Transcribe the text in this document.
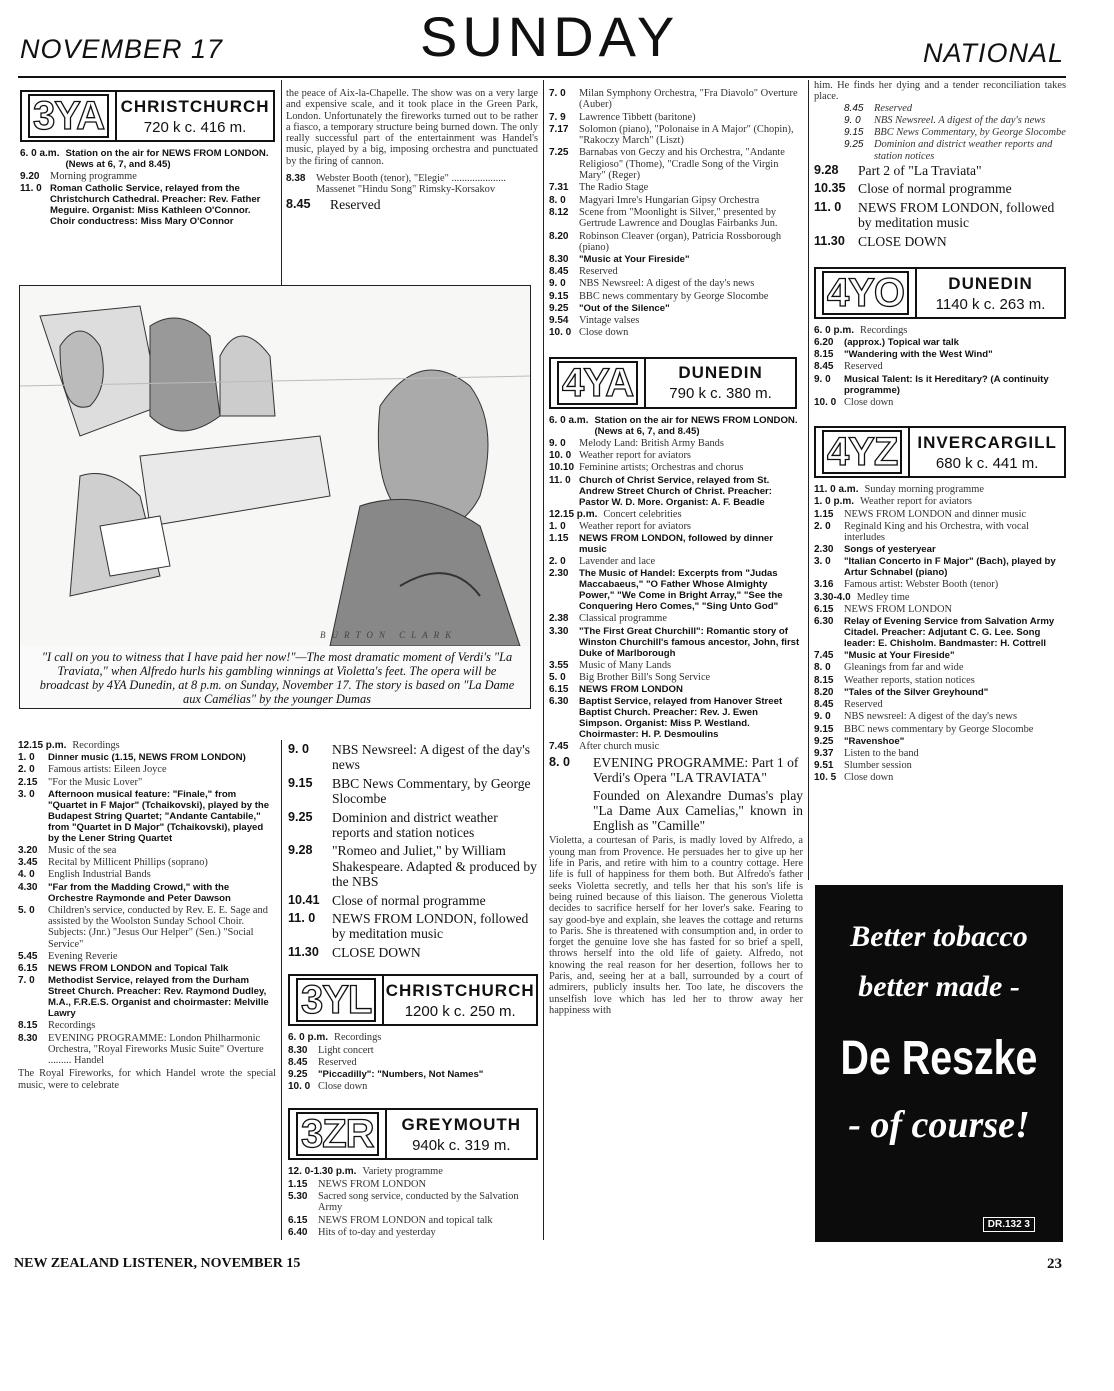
NOVEMBER 17	SUNDAY	NATIONAL
3YA CHRISTCHURCH
720 k c. 416 m.
6. 0 a.m. Station on the air for NEWS FROM LONDON. (News at 6, 7, and 8.45)
9.20	Morning programme
11. 0 Roman Catholic Service, relayed from the Christchurch Cathedral. Preacher: Rev. Father Meguire. Organist: Miss Kathleen O'Connor. Choir conductress: Miss Mary O'Connor

the peace of Aix-la-Chapelle. The show was on a very large and expensive scale, and it took place in the Green Park, London. Unfortunately the fireworks turned out to be rather a fiasco, a temporary structure being burned down. The only really successful part of the entertainment was Handel's music, played by a big, imposing orchestra and punctuated by the firing of cannon.

8.38	Webster Booth (tenor), "Elegie" ..................... Massenet "Hindu Song" Rimsky-Korsakov
8.45	Reserved
BURTON CLARK
"I call on you to witness that I have paid her now!"—The most dramatic moment of Verdi's "La Traviata," when Alfredo hurls his gambling winnings at Violetta's feet. The opera will be broadcast by 4YA Dunedin, at 8 p.m. on Sunday, November 17. The story is based on "La Dame aux Camélias" by the younger Dumas
12.15 p.m. Recordings
1. 0	Dinner music (1.15, NEWS FROM LONDON)
2. 0	Famous artists: Eileen Joyce
2.15	"For the Music Lover"
3. 0	Afternoon musical feature: "Finale," from "Quartet in F Major" (Tchaikovski), played by the Budapest String Quartet; "Andante Cantabile," from "Quartet in D Major" (Tchaikovski), played by the Lener String Quartet
3.20	Music of the sea
3.45	Recital by Millicent Phillips (soprano)
4. 0	English Industrial Bands
4.30	"Far from the Madding Crowd," with the Orchestre Raymonde and Peter Dawson
5. 0	Children's service, conducted by Rev. E. E. Sage and assisted by the Woolston Sunday School Choir. Subjects: (Jnr.) "Jesus Our Helper" (Sen.) "Social Service"
5.45	Evening Reverie
6.15	NEWS FROM LONDON and Topical Talk
7. 0	Methodist Service, relayed from the Durham Street Church. Preacher: Rev. Raymond Dudley, M.A., F.R.E.S. Organist and choirmaster: Melville Lawry
8.15	Recordings
8.30	EVENING PROGRAMME: London Philharmonic Orchestra, "Royal Fireworks Music Suite" Overture ......... Handel

The Royal Fireworks, for which Handel wrote the special music, were to celebrate

9. 0	NBS Newsreel: A digest of the day's news
9.15	BBC News Commentary, by George Slocombe
9.25	Dominion and district weather reports and station notices
9.28	"Romeo and Juliet," by William Shakespeare. Adapted & produced by the NBS
10.41 Close of normal programme
11. 0	NEWS FROM LONDON, followed by meditation music
11.30 CLOSE DOWN
3YL CHRISTCHURCH
1200 k c. 250 m.
6. 0 p.m. Recordings
8.30	Light concert
8.45	Reserved
9.25	"Piccadilly": "Numbers, Not Names"
10. 0 Close down
3ZR GREYMOUTH
940k c. 319 m.
12. 0-1.30 p.m. Variety programme
1.15	NEWS FROM LONDON
5.30	Sacred song service, conducted by the Salvation Army
6.15	NEWS FROM LONDON and topical talk
6.40	Hits of to-day and yesterday
7. 0	Milan Symphony Orchestra, "Fra Diavolo" Overture (Auber)
7. 9	Lawrence Tibbett (baritone)
7.17	Solomon (piano), "Polonaise in A Major" (Chopin), "Rakoczy March" (Liszt)
7.25	Barnabas von Geczy and his Orchestra, "Andante Religioso" (Thome), "Cradle Song of the Virgin Mary" (Reger)
7.31	The Radio Stage
8. 0	Magyari Imre's Hungarian Gipsy Orchestra
8.12	Scene from "Moonlight is Silver," presented by Gertrude Lawrence and Douglas Fairbanks Jun.
8.20	Robinson Cleaver (organ), Patricia Rossborough (piano)
8.30	"Music at Your Fireside"
8.45	Reserved
9. 0	NBS Newsreel: A digest of the day's news
9.15	BBC news commentary by George Slocombe
9.25	"Out of the Silence"
9.54	Vintage valses
10. 0 Close down
4YA	DUNEDIN
790 k c. 380 m.
6. 0 a.m. Station on the air for NEWS FROM LONDON. (News at 6, 7, and 8.45)
9. 0	Melody Land: British Army Bands
10. 0 Weather report for aviators
10.10 Feminine artists; Orchestras and chorus
11. 0 Church of Christ Service, relayed from St. Andrew Street Church of Christ. Preacher: Pastor W. D. More. Organist: A. F. Beadle
12.15 p.m. Concert celebrities
1. 0	Weather report for aviators
1.15	NEWS FROM LONDON, followed by dinner music
2. 0	Lavender and lace
2.30	The Music of Handel: Excerpts from "Judas Maccabaeus," "O Father Whose Almighty Power," "We Come in Bright Array," "See the Conquering Hero Comes," "Sing Unto God"
2.38	Classical programme
3.30	"The First Great Churchill": Romantic story of Winston Churchill's famous ancestor, John, first Duke of Marlborough
3.55	Music of Many Lands
5. 0	Big Brother Bill's Song Service
6.15	NEWS FROM LONDON
6.30	Baptist Service, relayed from Hanover Street Baptist Church. Preacher: Rev. J. Ewen Simpson. Organist: Miss P. Westland. Choirmaster: H. P. Desmoulins
7.45	After church music
8. 0	EVENING PROGRAMME: Part 1 of Verdi's Opera "LA TRAVIATA"

Founded on Alexandre Dumas's play "La Dame Aux Camelias," known in English as "Camille"

Violetta, a courtesan of Paris, is madly loved by Alfredo, a young man from Provence. He persuades her to give up her life in Paris, and retire with him to a country cottage. Here life is full of happiness for them both. But Alfredo's father seeks Violetta secretly, and tells her that his son's life is being ruined because of this liaison. The generous Violetta decides to sacrifice herself for her lover's sake. Fearing to say good-bye and explain, she leaves the cottage and returns to Paris. She is threatened with consumption and, in order to forget the genuine love she has fasted for so brief a spell, throws herself into the old life of gaiety. Alfredo, not knowing the real reason for her desertion, follows her to Paris, and, seeing her at a ball, surrounded by a court of admirers, publicly insults her. Too late, he discovers the unselfish love which has led her to throw away her happiness with

him. He finds her dying and a tender reconciliation takes place.

8.45	Reserved
9. 0	NBS Newsreel. A digest of the day's news
9.15	BBC News Commentary, by George Slocombe
9.25	Dominion and district weather reports and station notices
9.28	Part 2 of "La Traviata"
10.35 Close of normal programme
11. 0	NEWS FROM LONDON, followed by meditation music
11.30 CLOSE DOWN
4YO	DUNEDIN
1140 k c. 263 m.
6. 0 p.m. Recordings
6.20	(approx.) Topical war talk
8.15	"Wandering with the West Wind"
8.45	Reserved
9. 0	Musical Talent: Is it Hereditary? (A continuity programme)
10. 0 Close down
4YZ INVERCARGILL
680 k c. 441 m.
11. 0 a.m. Sunday morning programme
1. 0 p.m. Weather report for aviators
1.15	NEWS FROM LONDON and dinner music
2. 0	Reginald King and his Orchestra, with vocal interludes
2.30	Songs of yesteryear
3. 0	"Italian Concerto in F Major" (Bach), played by Artur Schnabel (piano)
3.16	Famous artist: Webster Booth (tenor)
3.30-4.0 Medley time
6.15	NEWS FROM LONDON
6.30	Relay of Evening Service from Salvation Army Citadel. Preacher: Adjutant C. G. Lee. Song leader: E. Chisholm. Bandmaster: H. Cottrell
7.45	"Music at Your Fireside"
8. 0	Gleanings from far and wide
8.15	Weather reports, station notices
8.20	"Tales of the Silver Greyhound"
8.45	Reserved
9. 0	NBS newsreel: A digest of the day's news
9.15	BBC news commentary by George Slocombe
9.25	"Ravenshoe"
9.37	Listen to the band
9.51	Slumber session
10. 5 Close down
Better tobacco
better made -
De Reszke
- of course!
DR.132 3
NEW ZEALAND LISTENER, NOVEMBER 15	23
